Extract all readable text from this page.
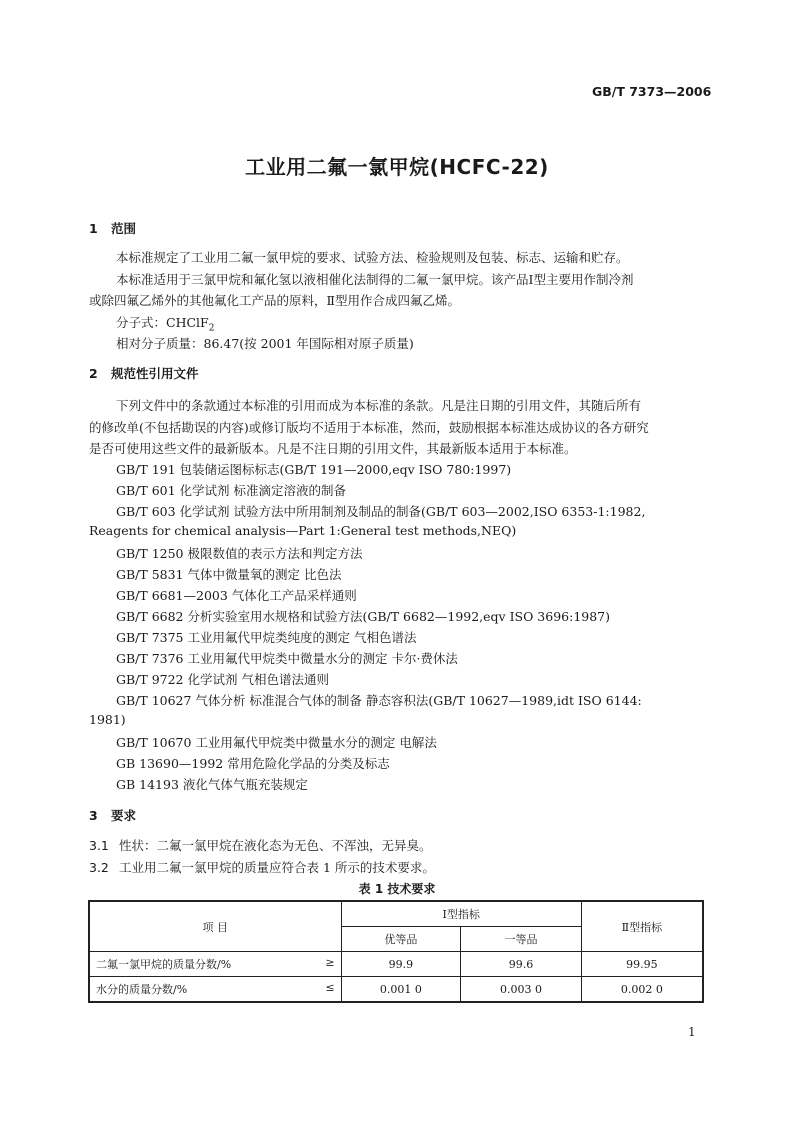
GB/T 7373—2006
工业用二氟一氯甲烷(HCFC-22)
1 范围
本标准规定了工业用二氟一氯甲烷的要求、试验方法、检验规则及包装、标志、运输和贮存。
本标准适用于三氯甲烷和氟化氢以液相催化法制得的二氟一氯甲烷。该产品Ⅰ型主要用作制冷剂
或除四氟乙烯外的其他氟化工产品的原料，Ⅱ型用作合成四氟乙烯。
分子式：CHClF$_2$
相对分子质量：86.47(按 2001 年国际相对原子质量)
2 规范性引用文件
下列文件中的条款通过本标准的引用而成为本标准的条款。凡是注日期的引用文件，其随后所有
的修改单(不包括勘误的内容)或修订版均不适用于本标准，然而，鼓励根据本标准达成协议的各方研究
是否可使用这些文件的最新版本。凡是不注日期的引用文件，其最新版本适用于本标准。
GB/T 191 包装储运图标标志(GB/T 191—2000,eqv ISO 780:1997)
GB/T 601 化学试剂 标准滴定溶液的制备
GB/T 603 化学试剂 试验方法中所用制剂及制品的制备(GB/T 603—2002,ISO 6353-1:1982,
Reagents for chemical analysis—Part 1:General test methods,NEQ)
GB/T 1250 极限数值的表示方法和判定方法
GB/T 5831 气体中微量氧的测定 比色法
GB/T 6681—2003 气体化工产品采样通则
GB/T 6682 分析实验室用水规格和试验方法(GB/T 6682—1992,eqv ISO 3696:1987)
GB/T 7375 工业用氟代甲烷类纯度的测定 气相色谱法
GB/T 7376 工业用氟代甲烷类中微量水分的测定 卡尔·费休法
GB/T 9722 化学试剂 气相色谱法通则
GB/T 10627 气体分析 标准混合气体的制备 静态容积法(GB/T 10627—1989,idt ISO 6144:
1981)
GB/T 10670 工业用氟代甲烷类中微量水分的测定 电解法
GB 13690—1992 常用危险化学品的分类及标志
GB 14193 液化气体气瓶充装规定
3 要求
3.1 性状：二氟一氯甲烷在液化态为无色、不浑浊，无异臭。
3.2 工业用二氟一氯甲烷的质量应符合表 1 所示的技术要求。
表 1 技术要求
项 目	Ⅰ型指标		Ⅱ型指标
	优等品	一等品	

二氟一氯甲烷的质量分数/% ≥	99.9	99.6	99.95

水分的质量分数/% ≤	0.001 0	0.003 0	0.002 0
1
